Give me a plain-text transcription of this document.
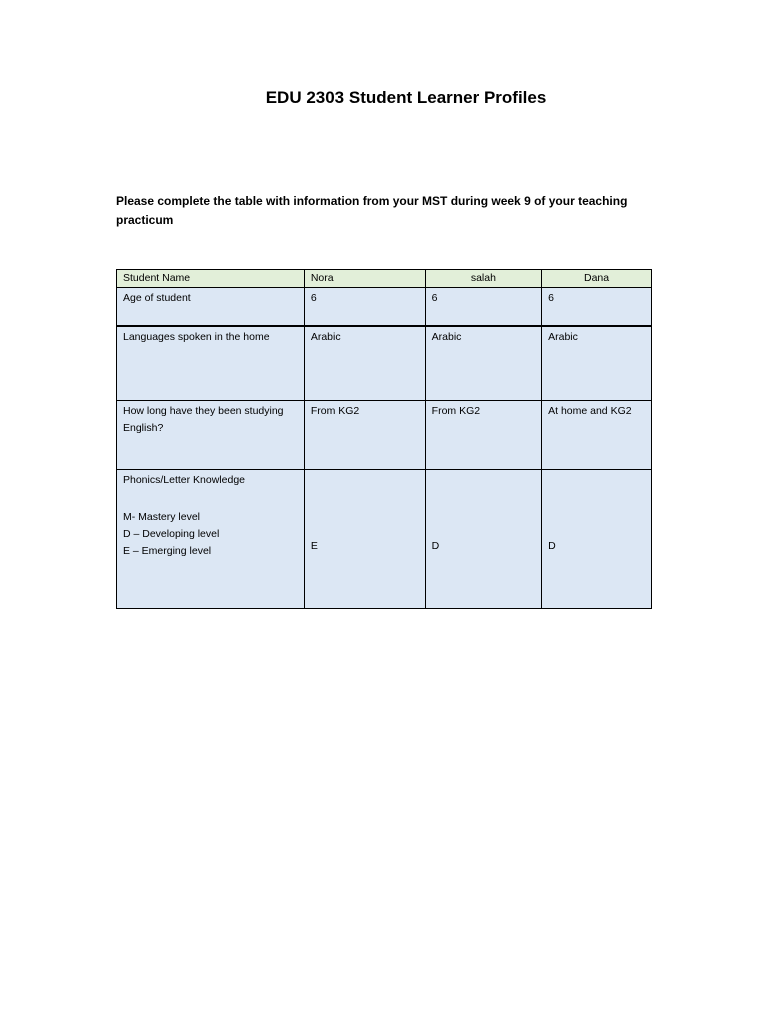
EDU 2303 Student Learner Profiles

Please complete the table with information from your MST during week 9 of your teaching practicum

Student Name	Nora	salah	Dana
Age of student	6	6	6
Languages spoken in the home	Arabic	Arabic	Arabic
How long have they been studying English?	From KG2	From KG2	At home and KG2

Phonics/Letter Knowledge
M- Mastery level
D – Developing level
E – Emerging level	E	D	D
